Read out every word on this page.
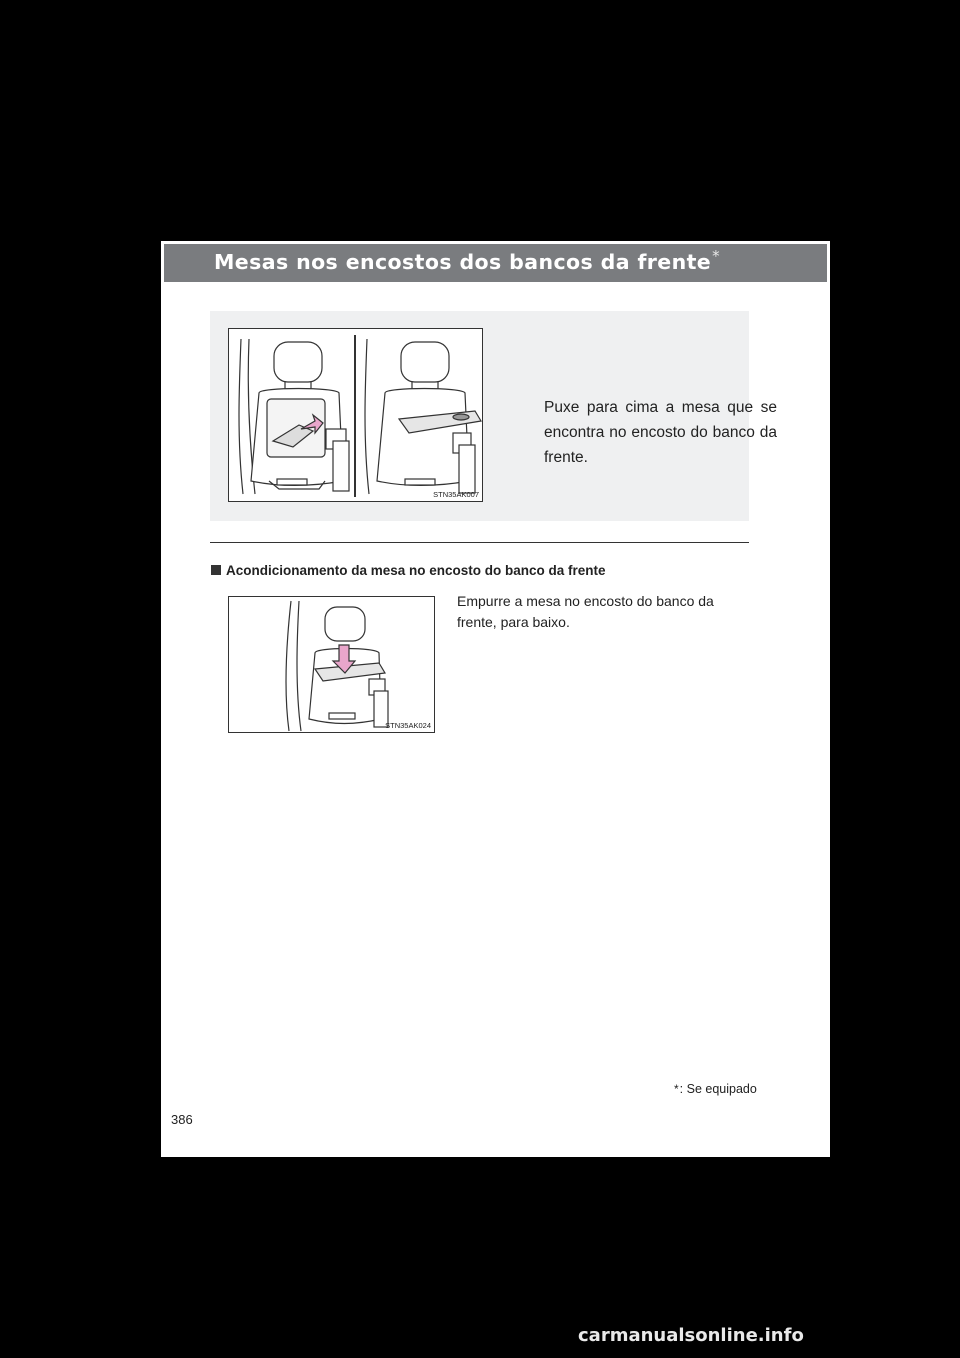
Mesas nos encostos dos bancos da frente*
STN35AK007
Puxe para cima a mesa que se encontra no encosto do banco da frente.
Acondicionamento da mesa no encosto do banco da frente
STN35AK024
Empurre a mesa no encosto do banco da frente, para baixo.
*: Se equipado
386
carmanualsonline.info
